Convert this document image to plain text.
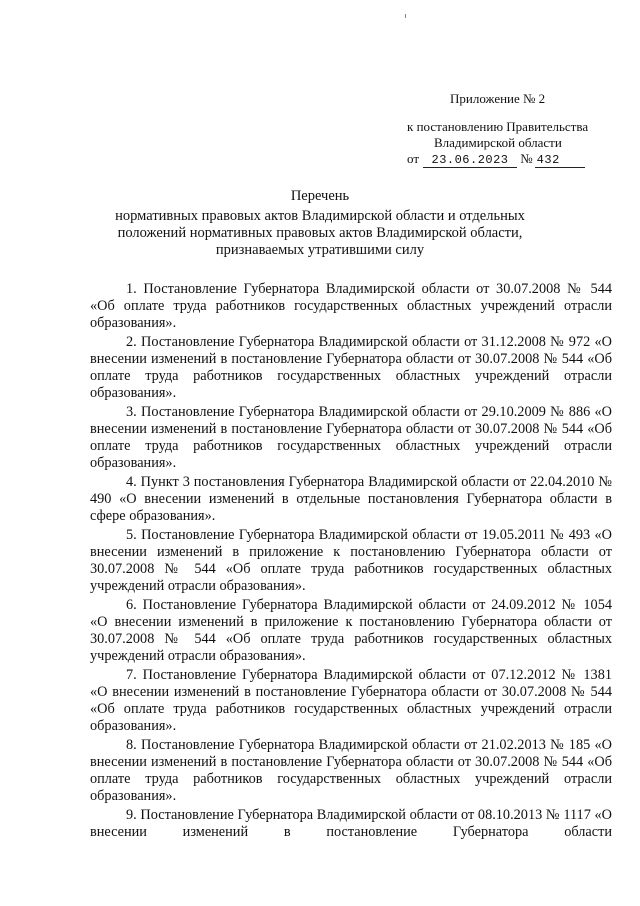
Приложение № 2
к постановлению Правительства
Владимирской области
от 23.06.2023 № 432
Перечень
нормативных правовых актов Владимирской области и отдельных
положений нормативных правовых актов Владимирской области,
признаваемых утратившими силу
1. Постановление Губернатора Владимирской области от 30.07.2008 № 544 «Об оплате труда работников государственных областных учреждений отрасли образования».
2. Постановление Губернатора Владимирской области от 31.12.2008 № 972 «О внесении изменений в постановление Губернатора области от 30.07.2008 № 544 «Об оплате труда работников государственных областных учреждений отрасли образования».
3. Постановление Губернатора Владимирской области от 29.10.2009 № 886 «О внесении изменений в постановление Губернатора области от 30.07.2008 № 544 «Об оплате труда работников государственных областных учреждений отрасли образования».
4. Пункт 3 постановления Губернатора Владимирской области от 22.04.2010 № 490 «О внесении изменений в отдельные постановления Губернатора области в сфере образования».
5. Постановление Губернатора Владимирской области от 19.05.2011 № 493 «О внесении изменений в приложение к постановлению Губернатора области от 30.07.2008 № 544 «Об оплате труда работников государственных областных учреждений отрасли образования».
6. Постановление Губернатора Владимирской области от 24.09.2012 № 1054 «О внесении изменений в приложение к постановлению Губернатора области от 30.07.2008 № 544 «Об оплате труда работников государственных областных учреждений отрасли образования».
7. Постановление Губернатора Владимирской области от 07.12.2012 № 1381 «О внесении изменений в постановление Губернатора области от 30.07.2008 № 544 «Об оплате труда работников государственных областных учреждений отрасли образования».
8. Постановление Губернатора Владимирской области от 21.02.2013 № 185 «О внесении изменений в постановление Губернатора области от 30.07.2008 № 544 «Об оплате труда работников государственных областных учреждений отрасли образования».
9. Постановление Губернатора Владимирской области от 08.10.2013 № 1117 «О внесении изменений в постановление Губернатора области
